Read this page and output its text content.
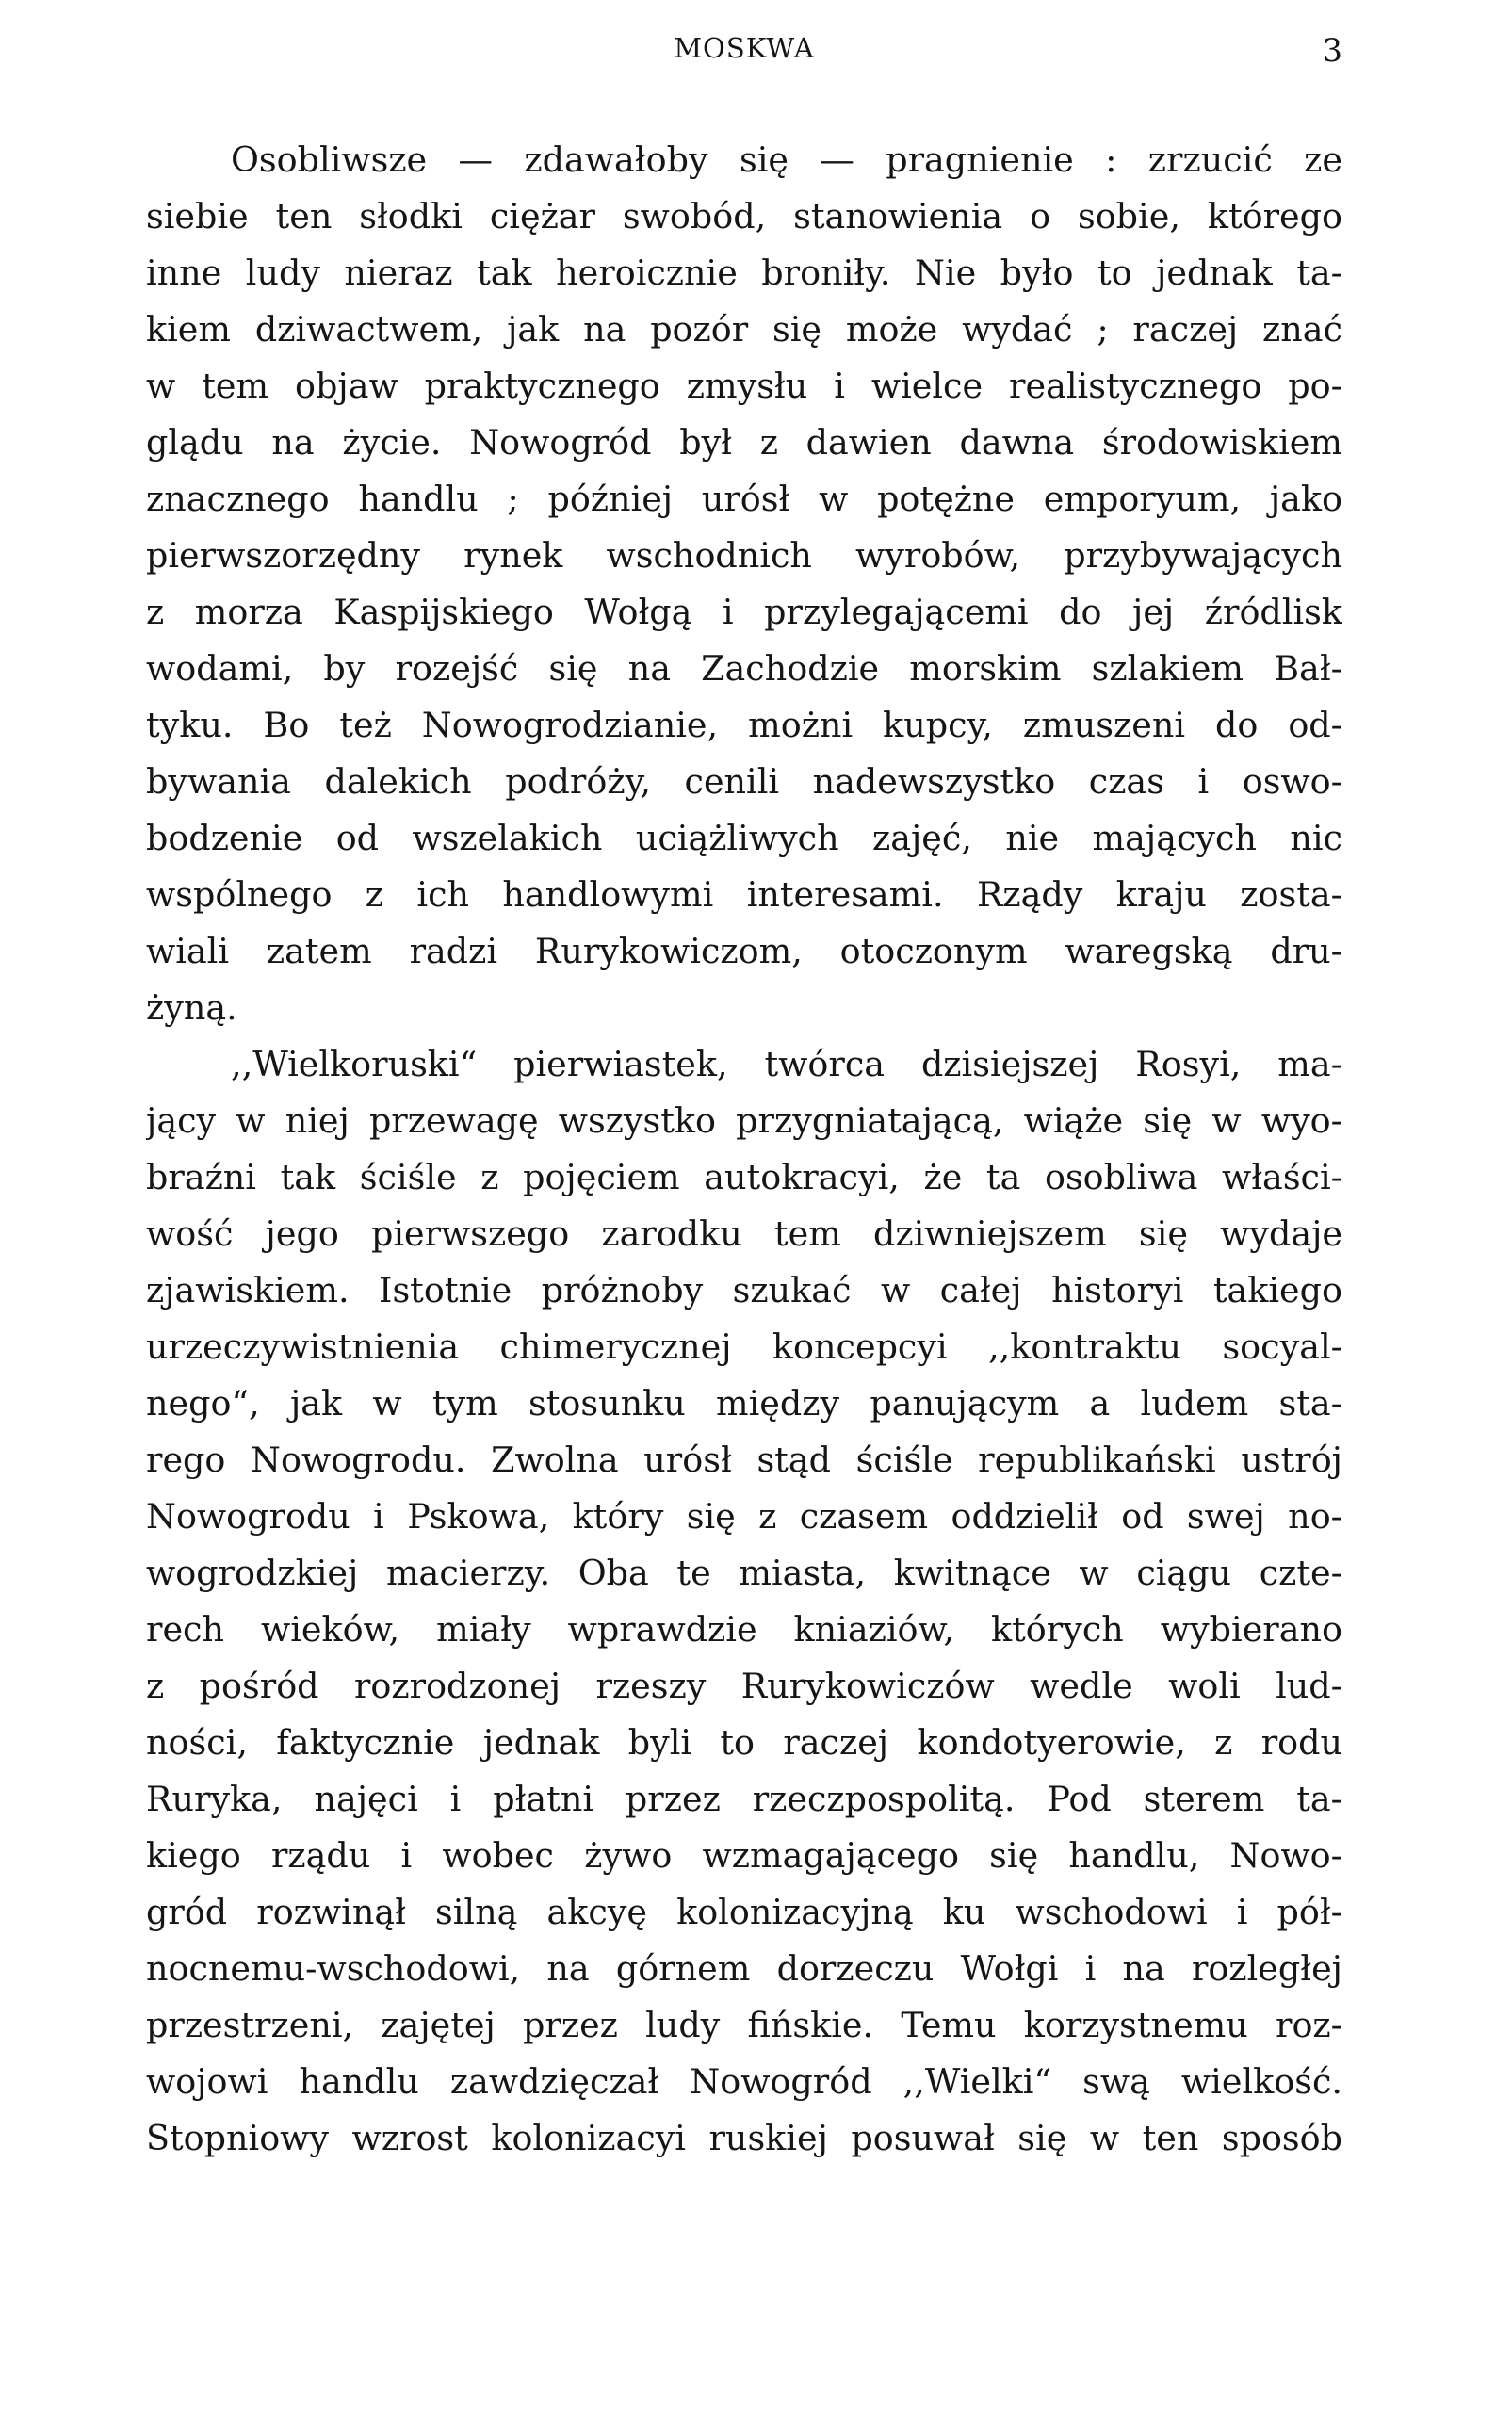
MOSKWA	3
Osobliwsze — zdawałoby się — pragnienie : zrzucić ze
siebie ten słodki ciężar swobód, stanowienia o sobie, którego
inne ludy nieraz tak heroicznie broniły. Nie było to jednak ta-
kiem dziwactwem, jak na pozór się może wydać ; raczej znać
w tem objaw praktycznego zmysłu i wielce realistycznego po-
glądu na życie. Nowogród był z dawien dawna środowiskiem
znacznego handlu ; później urósł w potężne emporyum, jako
pierwszorzędny rynek wschodnich wyrobów, przybywających
z morza Kaspijskiego Wołgą i przylegającemi do jej źródlisk
wodami, by rozejść się na Zachodzie morskim szlakiem Bał-
tyku. Bo też Nowogrodzianie, możni kupcy, zmuszeni do od-
bywania dalekich podróży, cenili nadewszystko czas i oswo-
bodzenie od wszelakich uciążliwych zajęć, nie mających nic
wspólnego z ich handlowymi interesami. Rządy kraju zosta-
wiali zatem radzi Rurykowiczom, otoczonym waregską dru-
żyną.
,,Wielkoruski“ pierwiastek, twórca dzisiejszej Rosyi, ma-
jący w niej przewagę wszystko przygniatającą, wiąże się w wyo-
braźni tak ściśle z pojęciem autokracyi, że ta osobliwa właści-
wość jego pierwszego zarodku tem dziwniejszem się wydaje
zjawiskiem. Istotnie próżnoby szukać w całej historyi takiego
urzeczywistnienia chimerycznej koncepcyi ,,kontraktu socyal-
nego“, jak w tym stosunku między panującym a ludem sta-
rego Nowogrodu. Zwolna urósł stąd ściśle republikański ustrój
Nowogrodu i Pskowa, który się z czasem oddzielił od swej no-
wogrodzkiej macierzy. Oba te miasta, kwitnące w ciągu czte-
rech wieków, miały wprawdzie kniaziów, których wybierano
z pośród rozrodzonej rzeszy Rurykowiczów wedle woli lud-
ności, faktycznie jednak byli to raczej kondotyerowie, z rodu
Ruryka, najęci i płatni przez rzeczpospolitą. Pod sterem ta-
kiego rządu i wobec żywo wzmagającego się handlu, Nowo-
gród rozwinął silną akcyę kolonizacyjną ku wschodowi i pół-
nocnemu-wschodowi, na górnem dorzeczu Wołgi i na rozległej
przestrzeni, zajętej przez ludy fińskie. Temu korzystnemu roz-
wojowi handlu zawdzięczał Nowogród ,,Wielki“ swą wielkość.
Stopniowy wzrost kolonizacyi ruskiej posuwał się w ten sposób
